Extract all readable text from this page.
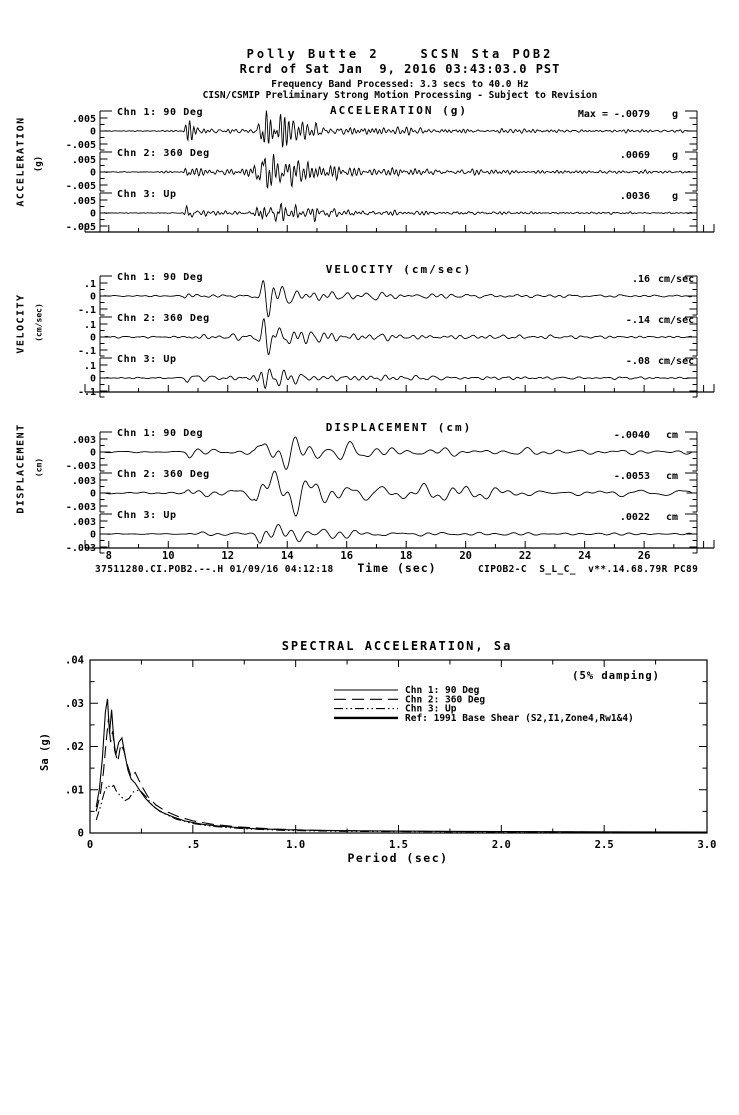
Polly Butte 2    SCSN Sta POB2
Rcrd of Sat Jan  9, 2016 03:43:03.0 PST
Frequency Band Processed: 3.3 secs to 40.0 Hz
CISN/CSMIP Preliminary Strong Motion Processing - Subject to Revision
ACCELERATION (g)
VELOCITY (cm/sec)
DISPLACEMENT (cm)
Sa (g)
ACCELERATION (g)
.005
0
-.005
Chn 1: 90 Deg	Max = -.0079 g
.005
0
-.005
Chn 2: 360 Deg	.0069 g
.005
0
-.005
Chn 3: Up	.0036 g
VELOCITY (cm/sec)
.1
0
-.1
Chn 1: 90 Deg	.16 cm/sec
.1
0
-.1
Chn 2: 360 Deg	-.14 cm/sec
.1
0
-.1
Chn 3: Up	-.08 cm/sec
DISPLACEMENT (cm)
.003
0
-.003
Chn 1: 90 Deg	-.0040 cm
.003
0
-.003
Chn 2: 360 Deg	-.0053 cm
.003
0
-.003
Chn 3: Up	.0022 cm
8	10	12	14	16	18	20	22	24	26
Time (sec)
SPECTRAL ACCELERATION, Sa
0
.01
.02
.03
.04
0	.5	1.0	1.5	2.0	2.5	3.0
Period (sec)
(5% damping)
Chn 1: 90 Deg
Chn 2: 360 Deg
Chn 3: Up
Ref: 1991 Base Shear (S2,I1,Zone4,Rw1&4)
37511280.CI.POB2.--.H 01/09/16 04:12:18	CIPOB2-C  S_L_C_  v**.14.68.79R PC89
